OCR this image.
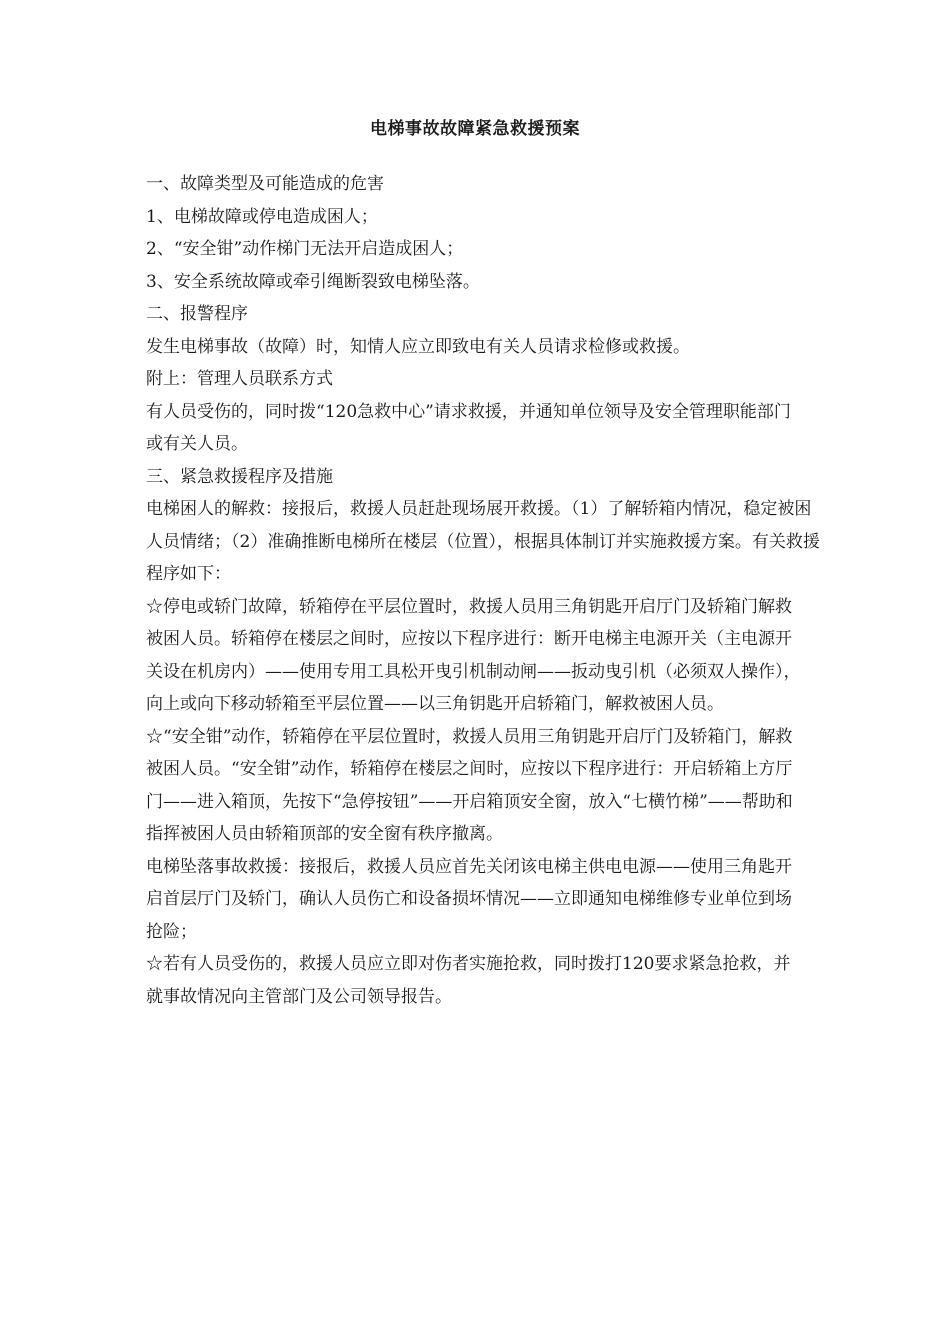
电梯事故故障紧急救援预案

一、故障类型及可能造成的危害

1、电梯故障或停电造成困人；

2、“安全钳”动作梯门无法开启造成困人；

3、安全系统故障或牵引绳断裂致电梯坠落。

二、报警程序

发生电梯事故（故障）时，知情人应立即致电有关人员请求检修或救援。

附上：管理人员联系方式

有人员受伤的，同时拨“120急救中心”请求救援，并通知单位领导及安全管理职能部门或有关人员。

三、紧急救援程序及措施

电梯困人的解救：接报后，救援人员赶赴现场展开救援。（1）了解轿箱内情况，稳定被困人员情绪；（2）准确推断电梯所在楼层（位置），根据具体制订并实施救援方案。有关救援程序如下：

☆停电或轿门故障，轿箱停在平层位置时，救援人员用三角钥匙开启厅门及轿箱门解救被困人员。轿箱停在楼层之间时，应按以下程序进行：断开电梯主电源开关（主电源开关设在机房内）——使用专用工具松开曳引机制动闸——扳动曳引机（必须双人操作），向上或向下移动轿箱至平层位置——以三角钥匙开启轿箱门，解救被困人员。

☆“安全钳”动作，轿箱停在平层位置时，救援人员用三角钥匙开启厅门及轿箱门，解救被困人员。“安全钳”动作，轿箱停在楼层之间时，应按以下程序进行：开启轿箱上方厅门——进入箱顶，先按下“急停按钮”——开启箱顶安全窗，放入“七横竹梯”——帮助和指挥被困人员由轿箱顶部的安全窗有秩序撤离。

电梯坠落事故救援：接报后，救援人员应首先关闭该电梯主供电电源——使用三角匙开启首层厅门及轿门，确认人员伤亡和设备损坏情况——立即通知电梯维修专业单位到场抢险；

☆若有人员受伤的，救援人员应立即对伤者实施抢救，同时拨打120要求紧急抢救，并就事故情况向主管部门及公司领导报告。
